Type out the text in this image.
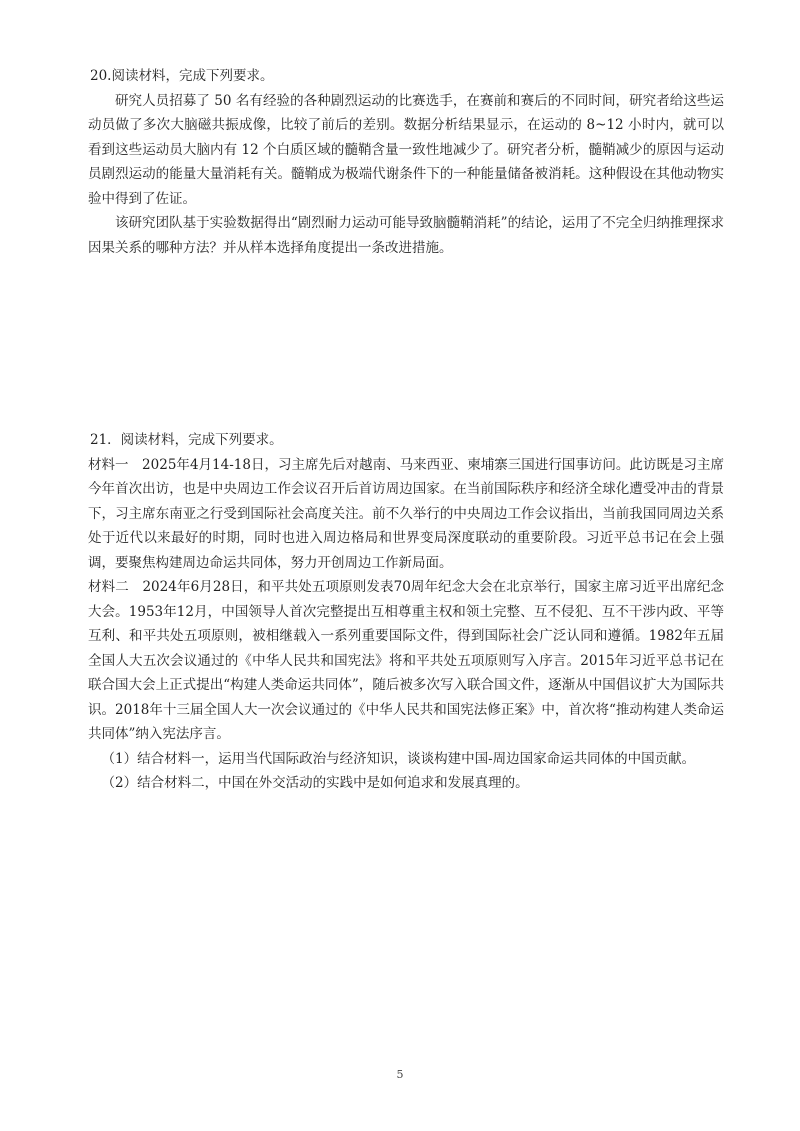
20.阅读材料，完成下列要求。

研究人员招募了 50 名有经验的各种剧烈运动的比赛选手，在赛前和赛后的不同时间，研究者给这些运动员做了多次大脑磁共振成像，比较了前后的差别。数据分析结果显示，在运动的 8~12 小时内，就可以看到这些运动员大脑内有 12 个白质区域的髓鞘含量一致性地减少了。研究者分析，髓鞘减少的原因与运动员剧烈运动的能量大量消耗有关。髓鞘成为极端代谢条件下的一种能量储备被消耗。这种假设在其他动物实验中得到了佐证。

该研究团队基于实验数据得出“剧烈耐力运动可能导致脑髓鞘消耗”的结论，运用了不完全归纳推理探求因果关系的哪种方法？并从样本选择角度提出一条改进措施。

21．阅读材料，完成下列要求。

材料一　2025年4月14-18日，习主席先后对越南、马来西亚、柬埔寨三国进行国事访问。此访既是习主席今年首次出访，也是中央周边工作会议召开后首访周边国家。在当前国际秩序和经济全球化遭受冲击的背景下，习主席东南亚之行受到国际社会高度关注。前不久举行的中央周边工作会议指出，当前我国同周边关系处于近代以来最好的时期，同时也进入周边格局和世界变局深度联动的重要阶段。习近平总书记在会上强调，要聚焦构建周边命运共同体，努力开创周边工作新局面。

材料二　2024年6月28日，和平共处五项原则发表70周年纪念大会在北京举行，国家主席习近平出席纪念大会。1953年12月，中国领导人首次完整提出互相尊重主权和领土完整、互不侵犯、互不干涉内政、平等互利、和平共处五项原则，被相继载入一系列重要国际文件，得到国际社会广泛认同和遵循。1982年五届全国人大五次会议通过的《中华人民共和国宪法》将和平共处五项原则写入序言。2015年习近平总书记在联合国大会上正式提出“构建人类命运共同体”，随后被多次写入联合国文件，逐渐从中国倡议扩大为国际共识。2018年十三届全国人大一次会议通过的《中华人民共和国宪法修正案》中，首次将“推动构建人类命运共同体”纳入宪法序言。

（1）结合材料一，运用当代国际政治与经济知识，谈谈构建中国-周边国家命运共同体的中国贡献。

（2）结合材料二，中国在外交活动的实践中是如何追求和发展真理的。

5
